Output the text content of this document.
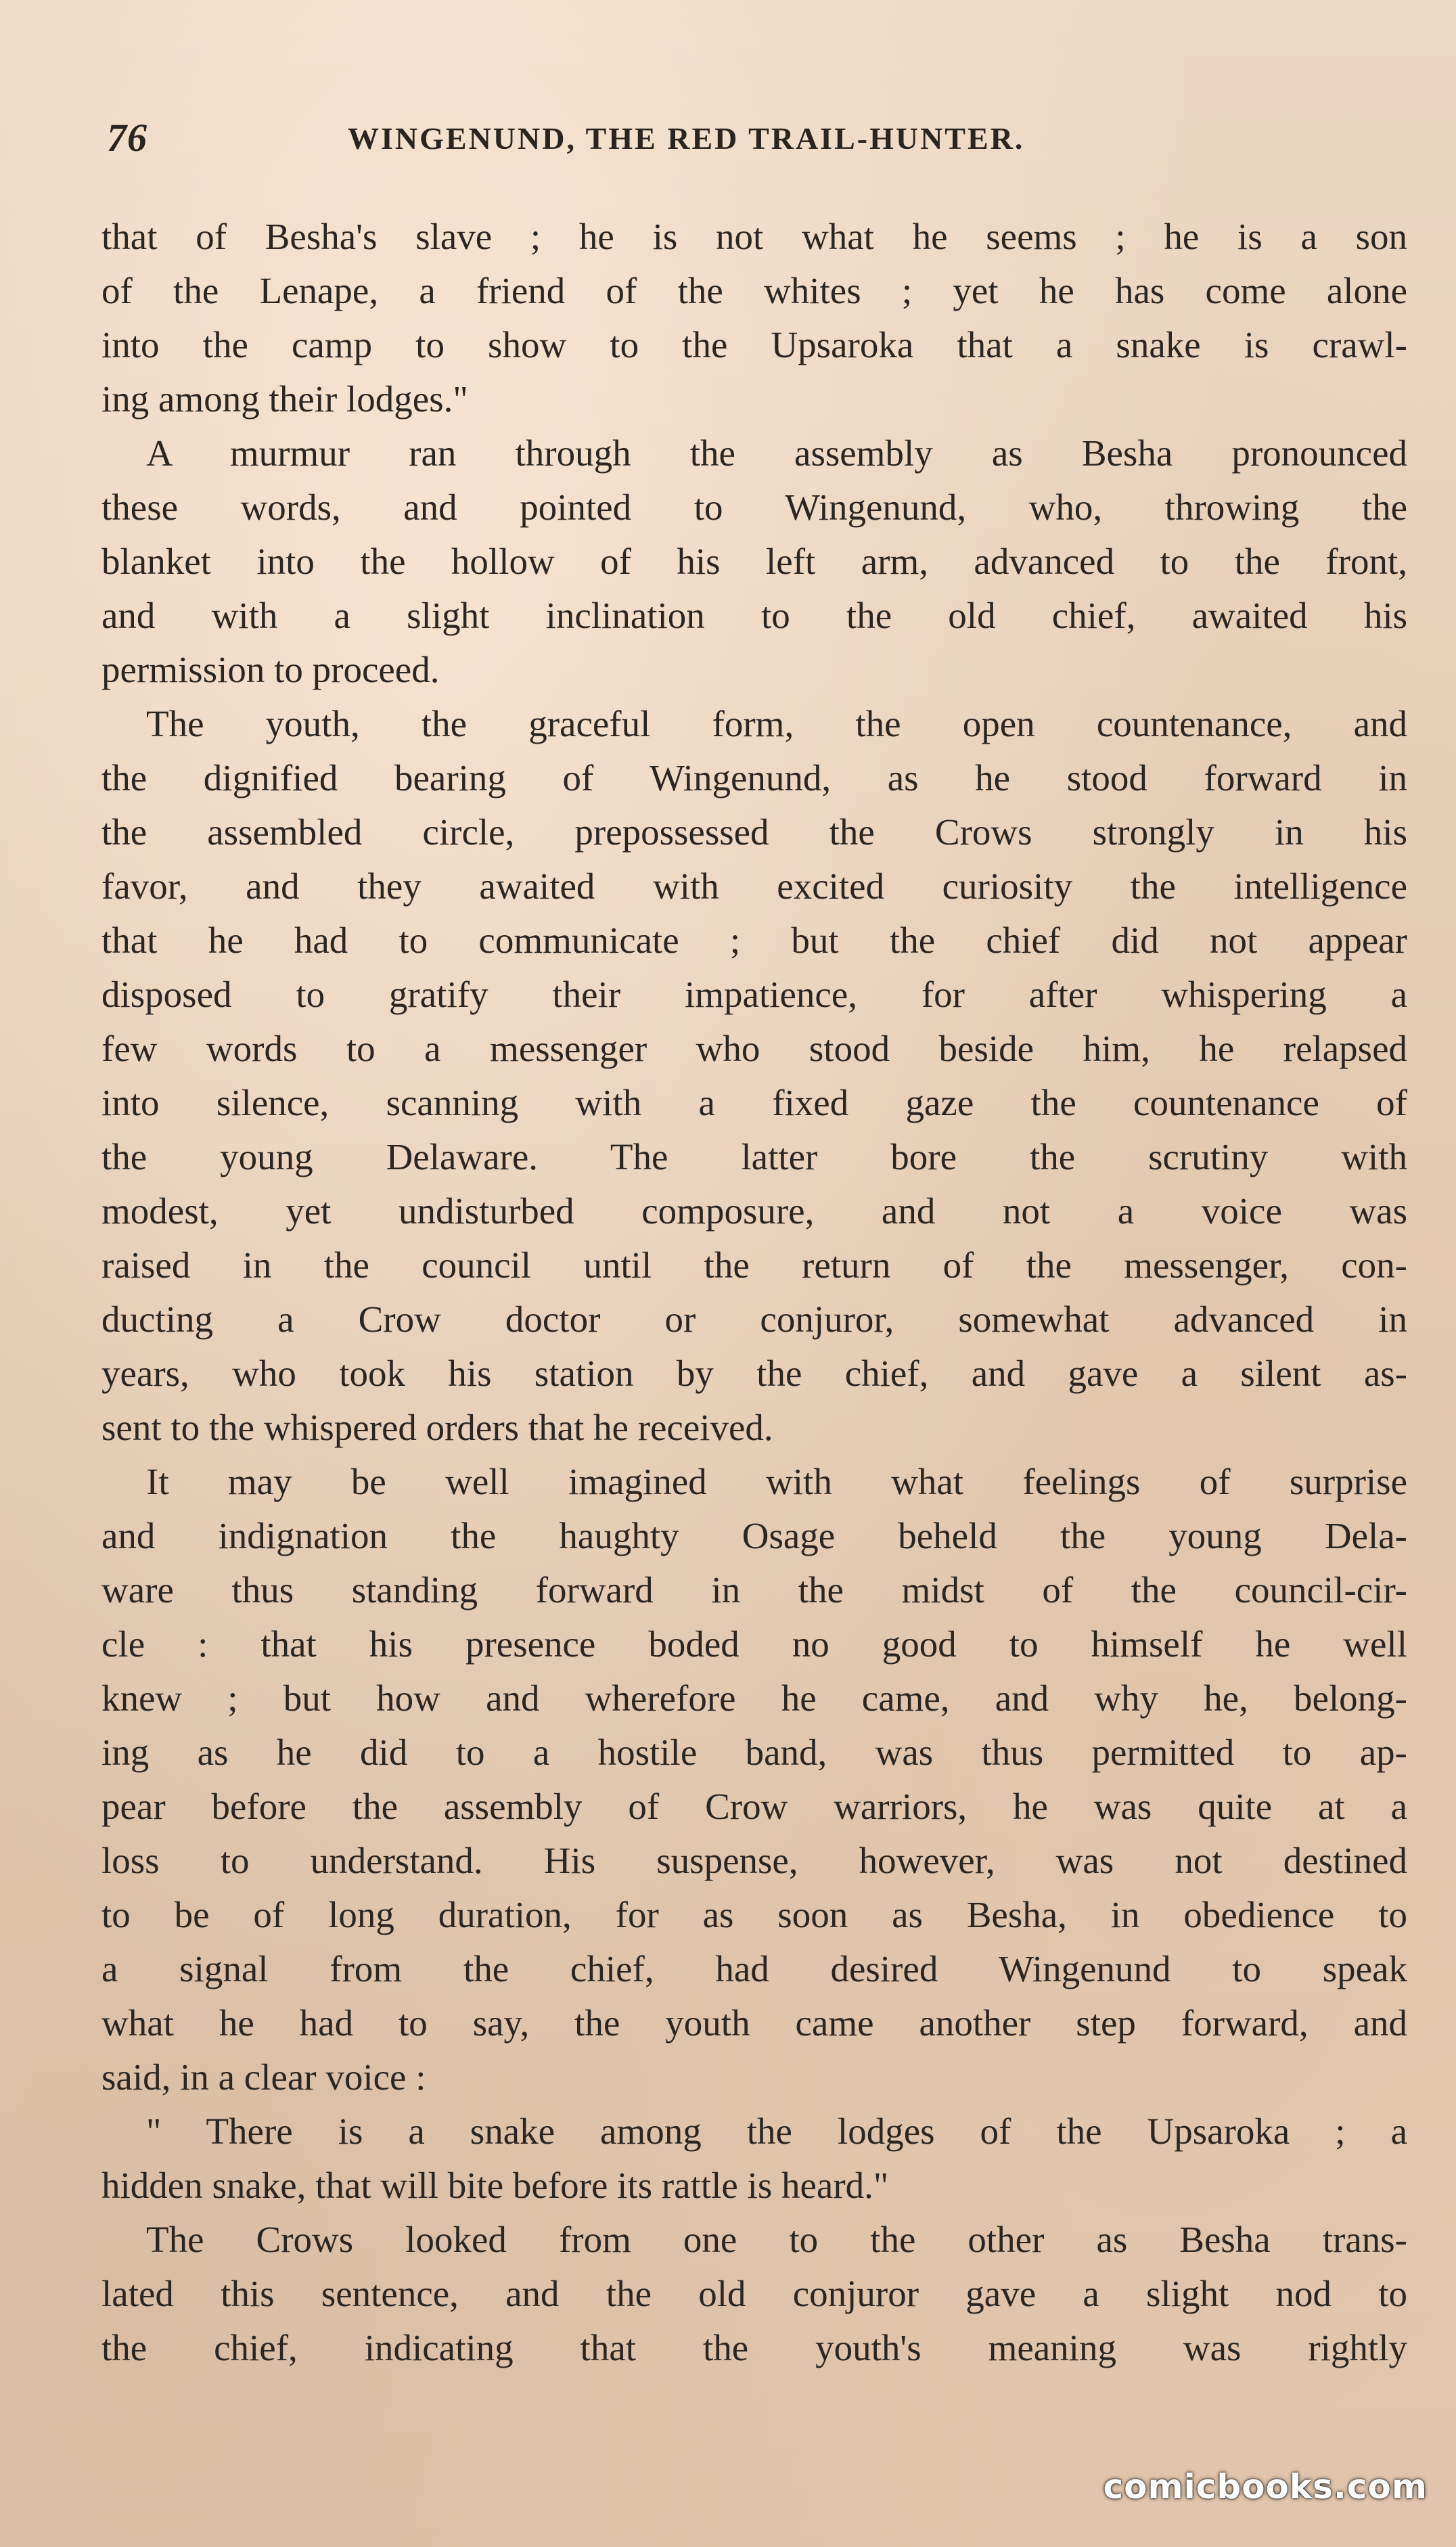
76	WINGENUND, THE RED TRAIL-HUNTER.
that of Besha's slave ; he is not what he seems ; he is a son
of the Lenape, a friend of the whites ; yet he has come alone
into the camp to show to the Upsaroka that a snake is crawl-
ing among their lodges."
A murmur ran through the assembly as Besha pronounced
these words, and pointed to Wingenund, who, throwing the
blanket into the hollow of his left arm, advanced to the front,
and with a slight inclination to the old chief, awaited his
permission to proceed.
The youth, the graceful form, the open countenance, and
the dignified bearing of Wingenund, as he stood forward in
the assembled circle, prepossessed the Crows strongly in his
favor, and they awaited with excited curiosity the intelligence
that he had to communicate ; but the chief did not appear
disposed to gratify their impatience, for after whispering a
few words to a messenger who stood beside him, he relapsed
into silence, scanning with a fixed gaze the countenance of
the young Delaware. The latter bore the scrutiny with
modest, yet undisturbed composure, and not a voice was
raised in the council until the return of the messenger, con-
ducting a Crow doctor or conjuror, somewhat advanced in
years, who took his station by the chief, and gave a silent as-
sent to the whispered orders that he received.
It may be well imagined with what feelings of surprise
and indignation the haughty Osage beheld the young Dela-
ware thus standing forward in the midst of the council-cir-
cle : that his presence boded no good to himself he well
knew ; but how and wherefore he came, and why he, belong-
ing as he did to a hostile band, was thus permitted to ap-
pear before the assembly of Crow warriors, he was quite at a
loss to understand. His suspense, however, was not destined
to be of long duration, for as soon as Besha, in obedience to
a signal from the chief, had desired Wingenund to speak
what he had to say, the youth came another step forward, and
said, in a clear voice :
" There is a snake among the lodges of the Upsaroka ; a
hidden snake, that will bite before its rattle is heard."
The Crows looked from one to the other as Besha trans-
lated this sentence, and the old conjuror gave a slight nod to
the chief, indicating that the youth's meaning was rightly
comicbooks.com
